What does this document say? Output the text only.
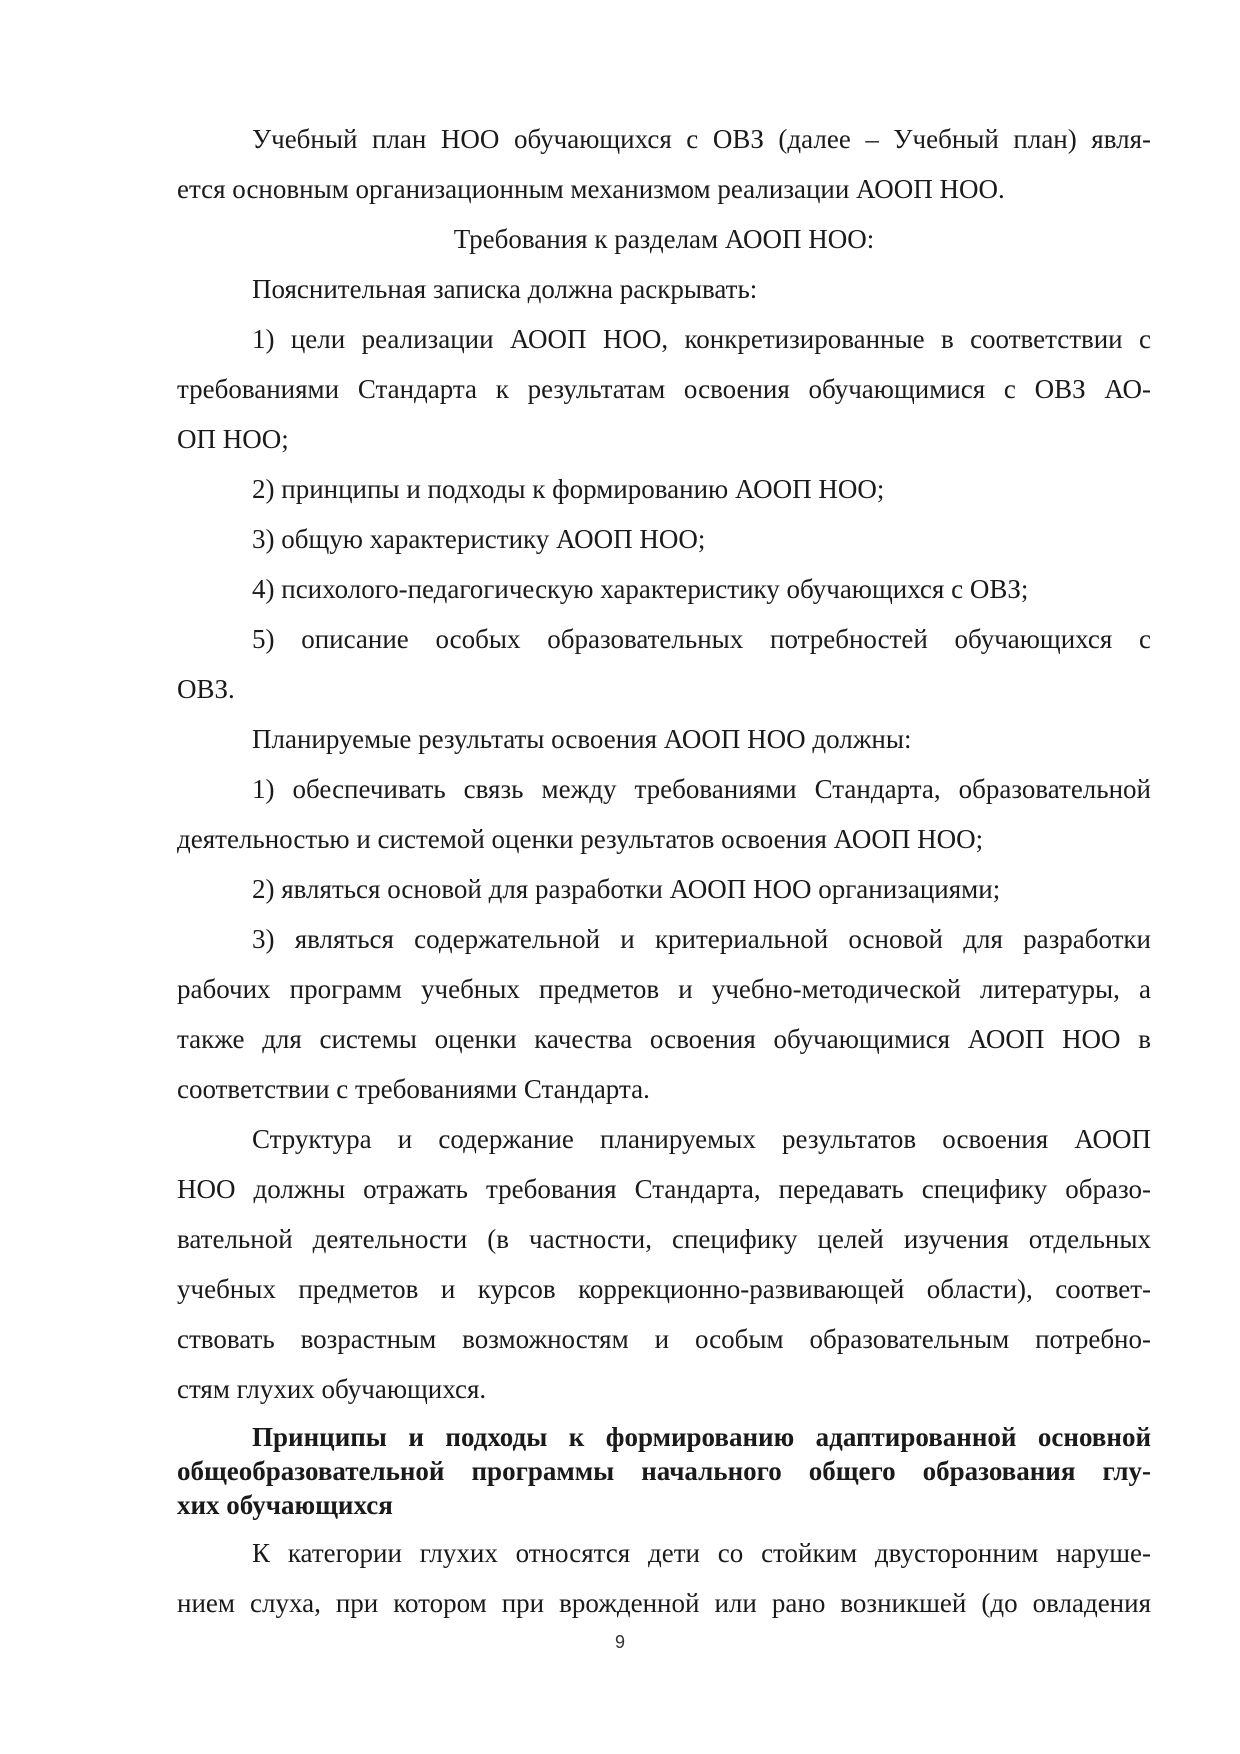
Учебный план НОО обучающихся с ОВЗ (далее – Учебный план) явля-
ется основным организационным механизмом реализации АООП НОО.
Требования к разделам АООП НОО:
Пояснительная записка должна раскрывать:
1) цели реализации АООП НОО, конкретизированные в соответствии с
требованиями Стандарта к результатам освоения обучающимися с ОВЗ АО-
ОП НОО;
2) принципы и подходы к формированию АООП НОО;
3) общую характеристику АООП НОО;
4) психолого-педагогическую характеристику обучающихся с ОВЗ;
5) описание особых образовательных потребностей обучающихся с
ОВЗ.
Планируемые результаты освоения АООП НОО должны:
1) обеспечивать связь между требованиями Стандарта, образовательной
деятельностью и системой оценки результатов освоения АООП НОО;
2) являться основой для разработки АООП НОО организациями;
3) являться содержательной и критериальной основой для разработки
рабочих программ учебных предметов и учебно-методической литературы, а
также для системы оценки качества освоения обучающимися АООП НОО в
соответствии с требованиями Стандарта.
Структура и содержание планируемых результатов освоения АООП
НОО должны отражать требования Стандарта, передавать специфику образо-
вательной деятельности (в частности, специфику целей изучения отдельных
учебных предметов и курсов коррекционно-развивающей области), соответ-
ствовать возрастным возможностям и особым образовательным потребно-
стям глухих обучающихся.
Принципы и подходы к формированию адаптированной основной
общеобразовательной программы начального общего образования глу-
хих обучающихся
К категории глухих относятся дети со стойким двусторонним наруше-
нием слуха, при котором при врожденной или рано возникшей (до овладения
9
